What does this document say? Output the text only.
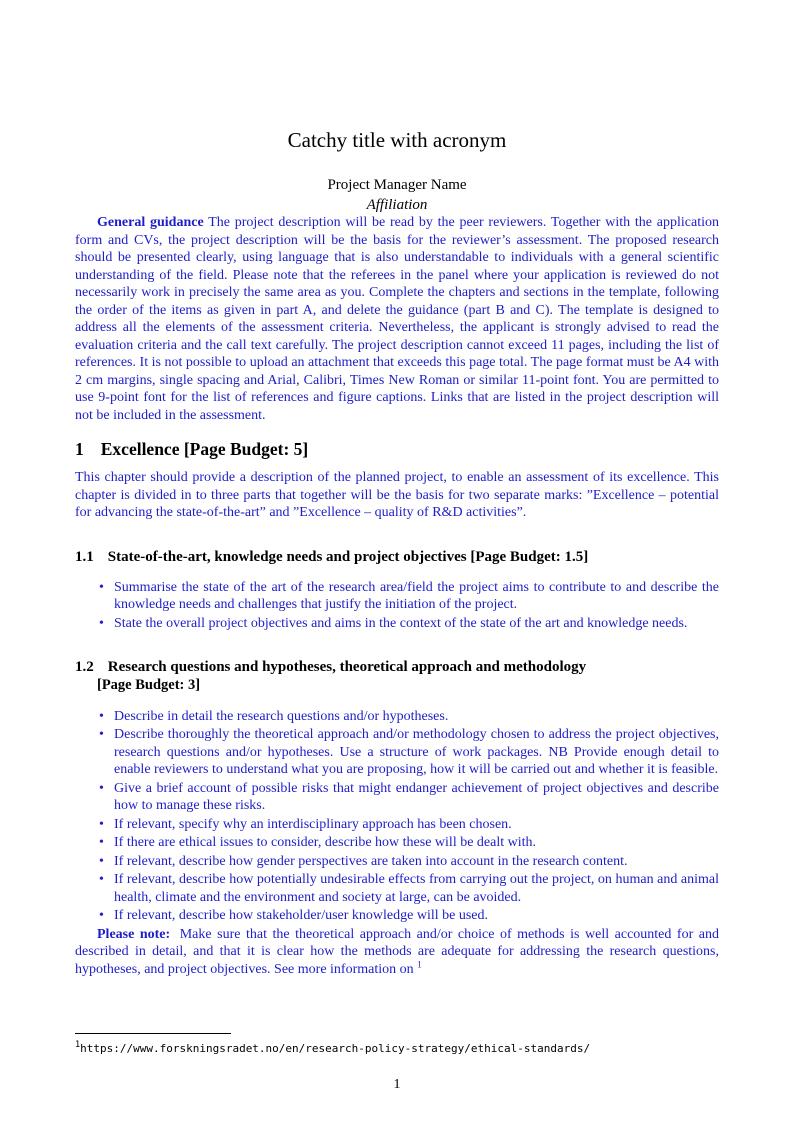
Catchy title with acronym
Project Manager Name
Affiliation

General guidance The project description will be read by the peer reviewers. Together with the application form and CVs, the project description will be the basis for the reviewer’s assessment. The proposed research should be presented clearly, using language that is also understandable to individuals with a general scientific understanding of the field. Please note that the referees in the panel where your application is reviewed do not necessarily work in precisely the same area as you. Complete the chapters and sections in the template, following the order of the items as given in part A, and delete the guidance (part B and C). The template is designed to address all the elements of the assessment criteria. Nevertheless, the applicant is strongly advised to read the evaluation criteria and the call text carefully. The project description cannot exceed 11 pages, including the list of references. It is not possible to upload an attachment that exceeds this page total. The page format must be A4 with 2 cm margins, single spacing and Arial, Calibri, Times New Roman or similar 11-point font. You are permitted to use 9-point font for the list of references and figure captions. Links that are listed in the project description will not be included in the assessment.

1 Excellence [Page Budget: 5]

This chapter should provide a description of the planned project, to enable an assessment of its excellence. This chapter is divided in to three parts that together will be the basis for two separate marks: ”Excellence – potential for advancing the state-of-the-art” and ”Excellence – quality of R&D activities”.

1.1 State-of-the-art, knowledge needs and project objectives [Page Budget: 1.5]
• Summarise the state of the art of the research area/field the project aims to contribute to and describe the knowledge needs and challenges that justify the initiation of the project.
• State the overall project objectives and aims in the context of the state of the art and knowledge needs.
1.2 Research questions and hypotheses, theoretical approach and methodology
[Page Budget: 3]
• Describe in detail the research questions and/or hypotheses.
• Describe thoroughly the theoretical approach and/or methodology chosen to address the project objectives, research questions and/or hypotheses. Use a structure of work packages. NB Provide enough detail to enable reviewers to understand what you are proposing, how it will be carried out and whether it is feasible.
• Give a brief account of possible risks that might endanger achievement of project objectives and describe how to manage these risks.
• If relevant, specify why an interdisciplinary approach has been chosen.
• If there are ethical issues to consider, describe how these will be dealt with.
• If relevant, describe how gender perspectives are taken into account in the research content.
• If relevant, describe how potentially undesirable effects from carrying out the project, on human and animal health, climate and the environment and society at large, can be avoided.
• If relevant, describe how stakeholder/user knowledge will be used.

Please note: Make sure that the theoretical approach and/or choice of methods is well accounted for and described in detail, and that it is clear how the methods are adequate for addressing the research questions, hypotheses, and project objectives. See more information on $^1$

$^1$https://www.forskningsradet.no/en/research-policy-strategy/ethical-standards/
1
